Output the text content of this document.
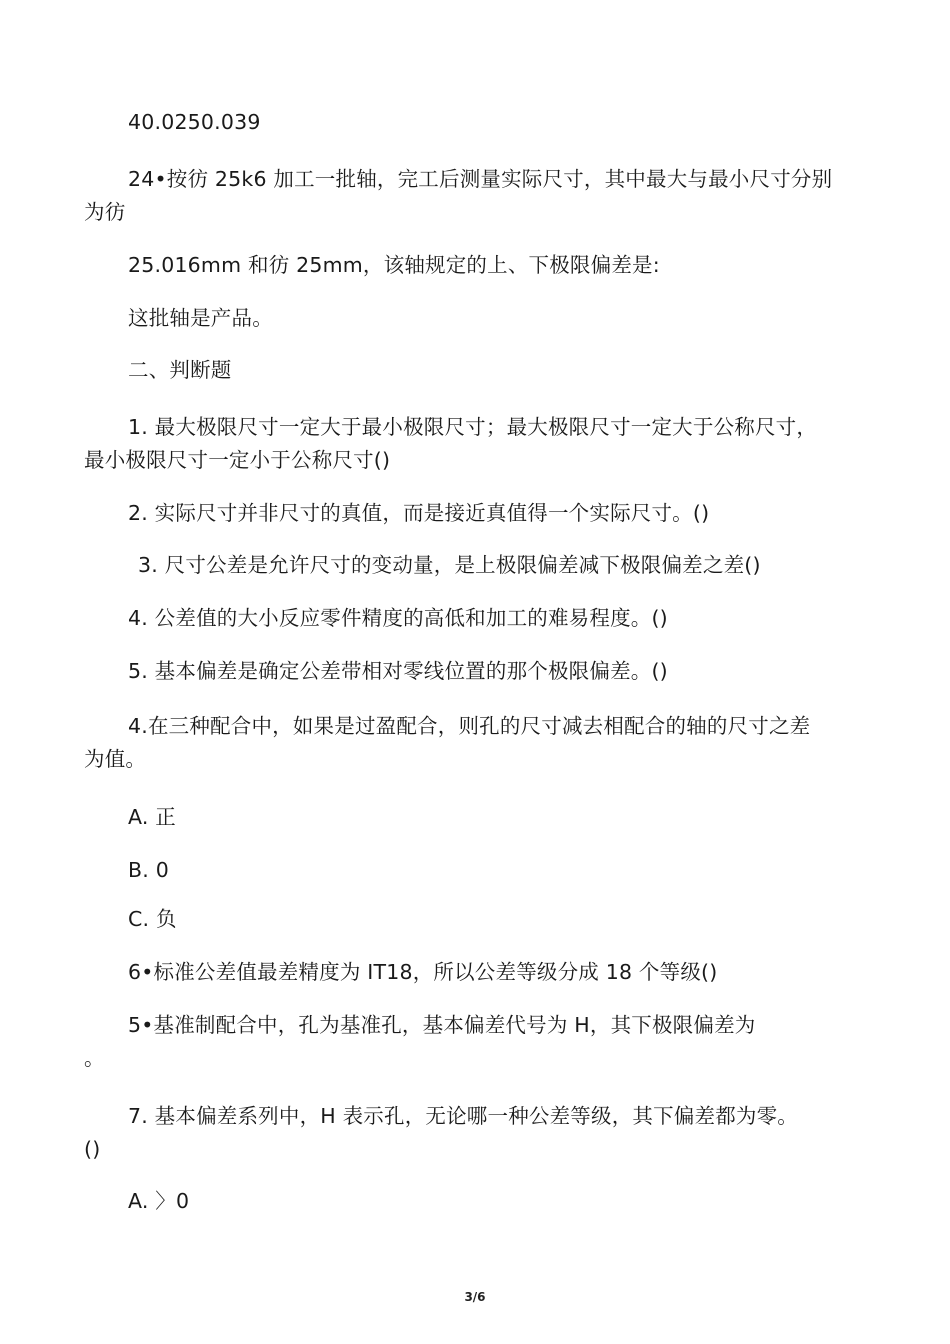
40.0250.039

24•按彷 25k6 加工一批轴，完工后测量实际尺寸，其中最大与最小尺寸分别

为彷

25.016mm 和彷 25mm，该轴规定的上、下极限偏差是:

这批轴是产品。

二、判断题

1. 最大极限尺寸一定大于最小极限尺寸；最大极限尺寸一定大于公称尺寸，

最小极限尺寸一定小于公称尺寸()

2. 实际尺寸并非尺寸的真值，而是接近真值得一个实际尺寸。()

3. 尺寸公差是允许尺寸的变动量，是上极限偏差减下极限偏差之差()

4. 公差值的大小反应零件精度的高低和加工的难易程度。()

5. 基本偏差是确定公差带相对零线位置的那个极限偏差。()

4.在三种配合中，如果是过盈配合，则孔的尺寸减去相配合的轴的尺寸之差

为值。

A. 正

B. 0

C. 负

6•标准公差值最差精度为 IT18，所以公差等级分成 18 个等级()

5•基准制配合中，孔为基准孔，基本偏差代号为 H，其下极限偏差为

。

7. 基本偏差系列中，H 表示孔，无论哪一种公差等级，其下偏差都为零。

()

A. 〉0

3/6
